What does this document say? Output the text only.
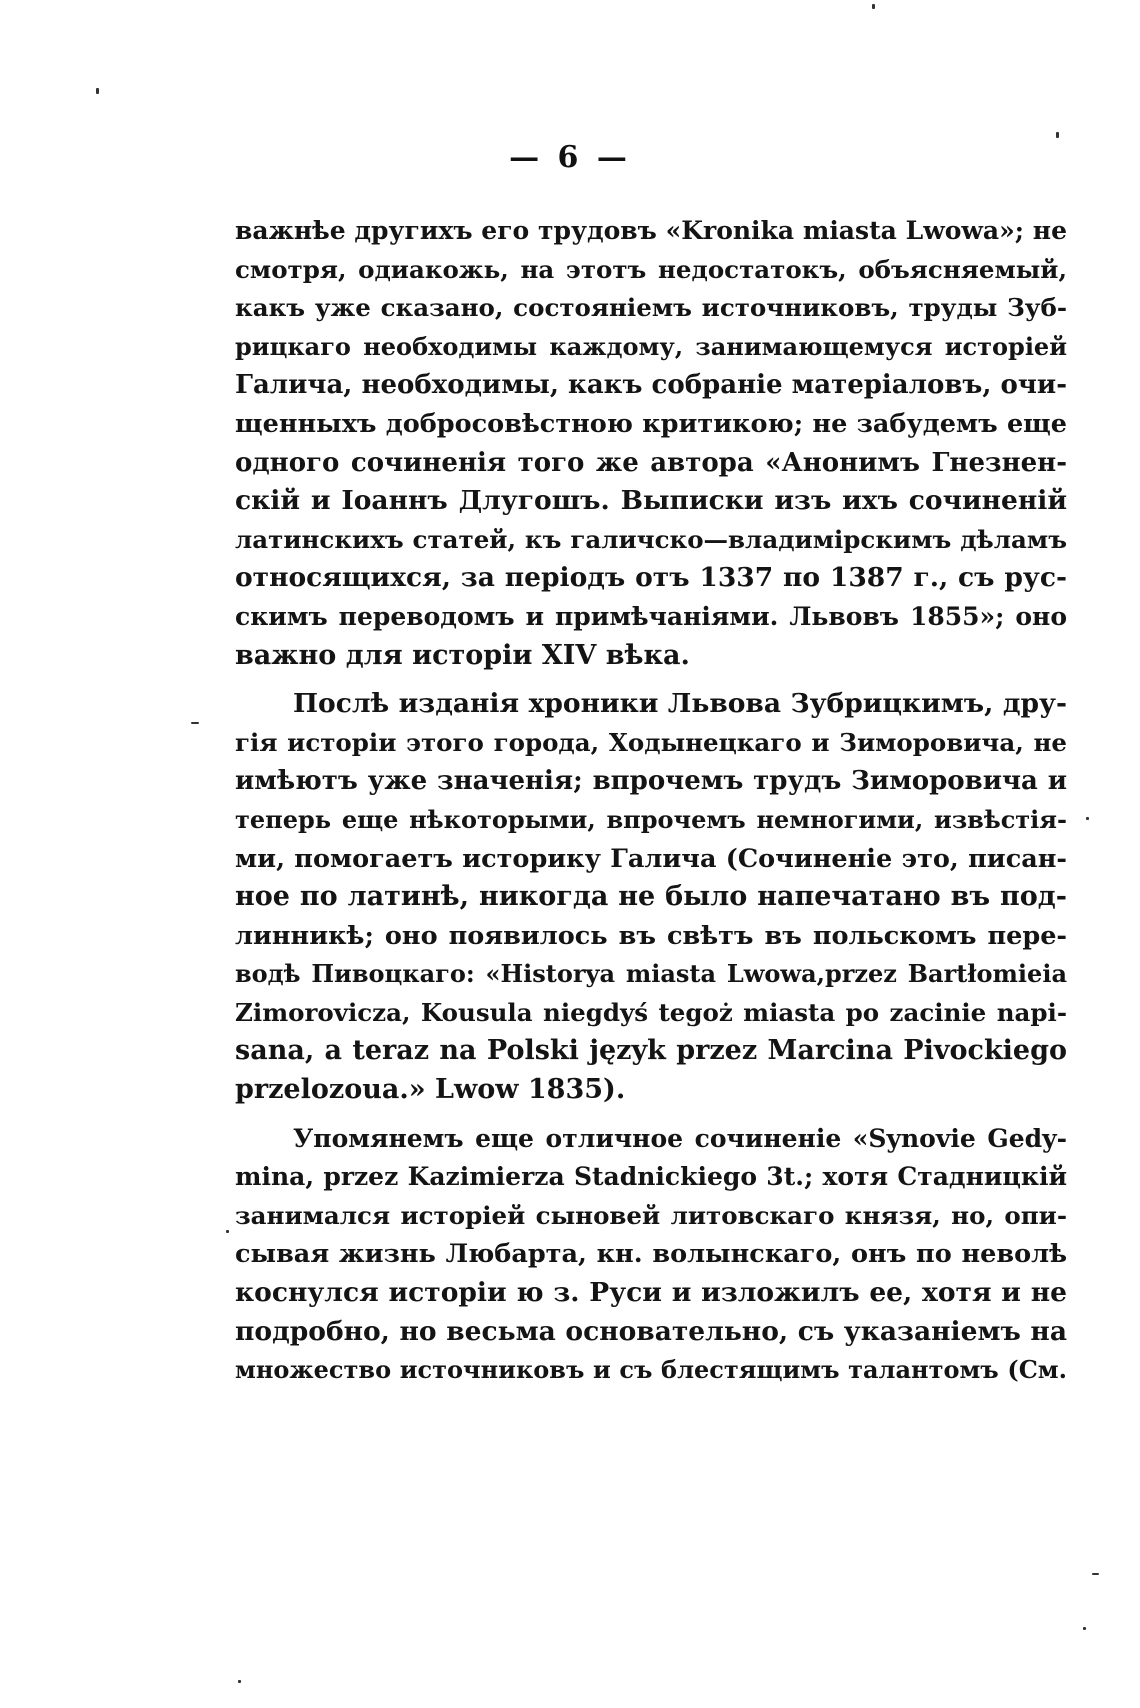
— 6 —
важнѣе другихъ его трудовъ «Kronika miasta Lwowa»; не
смотря, одиакожь, на этотъ недостатокъ, объясняемый,
какъ уже сказано, состояніемъ источниковъ, труды Зуб-
рицкаго необходимы каждому, занимающемуся исторіей
Галича, необходимы, какъ собраніе матеріаловъ, очи-
щенныхъ добросовѣстною критикою; не забудемъ еще
одного сочиненія того же автора «Анонимъ Гнезнен-
скій и Іоаннъ Длугошъ. Выписки изъ ихъ сочиненій
латинскихъ статей, къ галичско—владимірскимъ дѣламъ
относящихся, за періодъ отъ 1337 по 1387 г., съ рус-
скимъ переводомъ и примѣчаніями. Львовъ 1855»; оно
важно для исторіи XIV вѣка.
Послѣ изданія хроники Львова Зубрицкимъ, дру-
гія исторіи этого города, Ходынецкаго и Зиморовича, не
имѣютъ уже значенія; впрочемъ трудъ Зиморовича и
теперь еще нѣкоторыми, впрочемъ немногими, извѣстія-
ми, помогаетъ историку Галича (Сочиненіе это, писан-
ное по латинѣ, никогда не было напечатано въ под-
линникѣ; оно появилось въ свѣтъ въ польскомъ пере-
водѣ Пивоцкаго: «Historya miasta Lwowa,przez Bartłomieia
Zimorovicza, Kousula niegdyś tegoż miasta po zacinie napi-
sana, a teraz na Polski język przez Marcina Pivockiego
przelozoua.» Lwow 1835).
Упомянемъ еще отличное сочиненіе «Synovie Gedy-
mina, przez Kazimierza Stadnickiego 3t.; хотя Стадницкій
занимался исторіей сыновей литовскаго князя, но, опи-
сывая жизнь Любарта, кн. волынскаго, онъ по неволѣ
коснулся исторіи ю з. Руси и изложилъ ее, хотя и не
подробно, но весьма основательно, съ указаніемъ на
множество источниковъ и съ блестящимъ талантомъ (См.
